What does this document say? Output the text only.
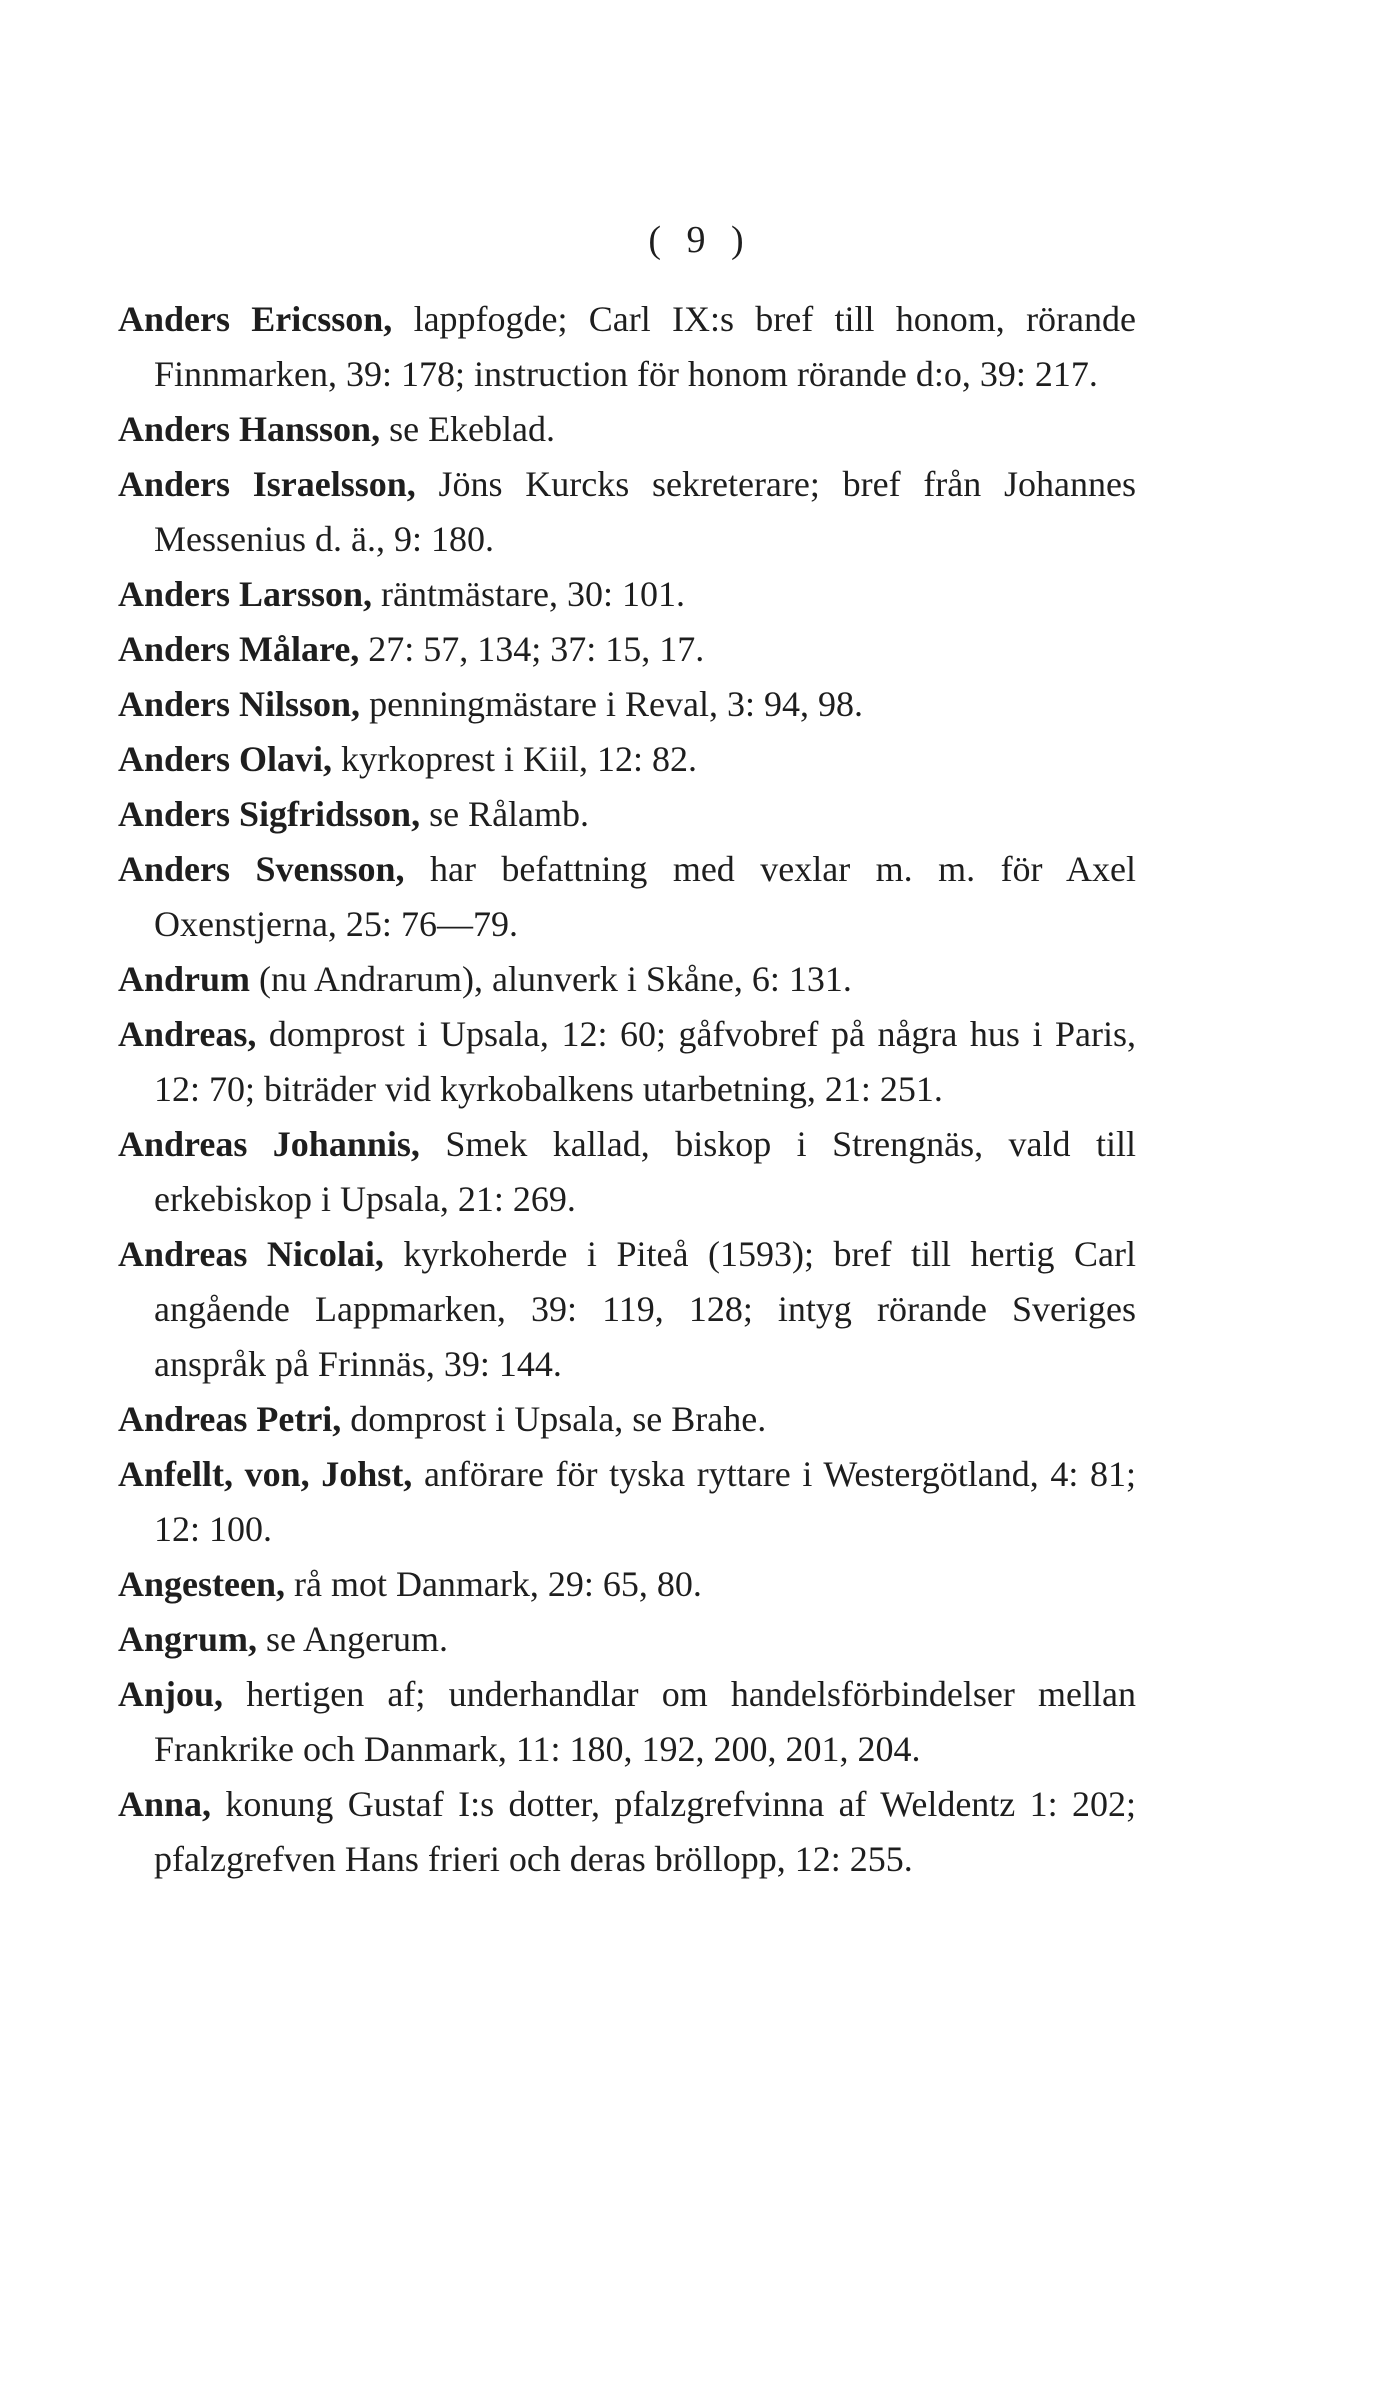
( 9 )

Anders Ericsson, lappfogde; Carl IX:s bref till honom, rörande Finnmarken, 39: 178; instruction för honom rörande d:o, 39: 217.

Anders Hansson, se Ekeblad.

Anders Israelsson, Jöns Kurcks sekreterare; bref från Johannes Messenius d. ä., 9: 180.

Anders Larsson, räntmästare, 30: 101.

Anders Målare, 27: 57, 134; 37: 15, 17.

Anders Nilsson, penningmästare i Reval, 3: 94, 98.

Anders Olavi, kyrkoprest i Kiil, 12: 82.

Anders Sigfridsson, se Rålamb.

Anders Svensson, har befattning med vexlar m. m. för Axel Oxenstjerna, 25: 76—79.

Andrum (nu Andrarum), alunverk i Skåne, 6: 131.

Andreas, domprost i Upsala, 12: 60; gåfvobref på några hus i Paris, 12: 70; biträder vid kyrkobalkens utarbetning, 21: 251.

Andreas Johannis, Smek kallad, biskop i Strengnäs, vald till erkebiskop i Upsala, 21: 269.

Andreas Nicolai, kyrkoherde i Piteå (1593); bref till hertig Carl angående Lappmarken, 39: 119, 128; intyg rörande Sveriges anspråk på Frinnäs, 39: 144.

Andreas Petri, domprost i Upsala, se Brahe.

Anfellt, von, Johst, anförare för tyska ryttare i Westergötland, 4: 81; 12: 100.

Angesteen, rå mot Danmark, 29: 65, 80.

Angrum, se Angerum.

Anjou, hertigen af; underhandlar om handelsförbindelser mellan Frankrike och Danmark, 11: 180, 192, 200, 201, 204.

Anna, konung Gustaf I:s dotter, pfalzgrefvinna af Weldentz 1: 202; pfalzgrefven Hans frieri och deras bröllopp, 12: 255.
